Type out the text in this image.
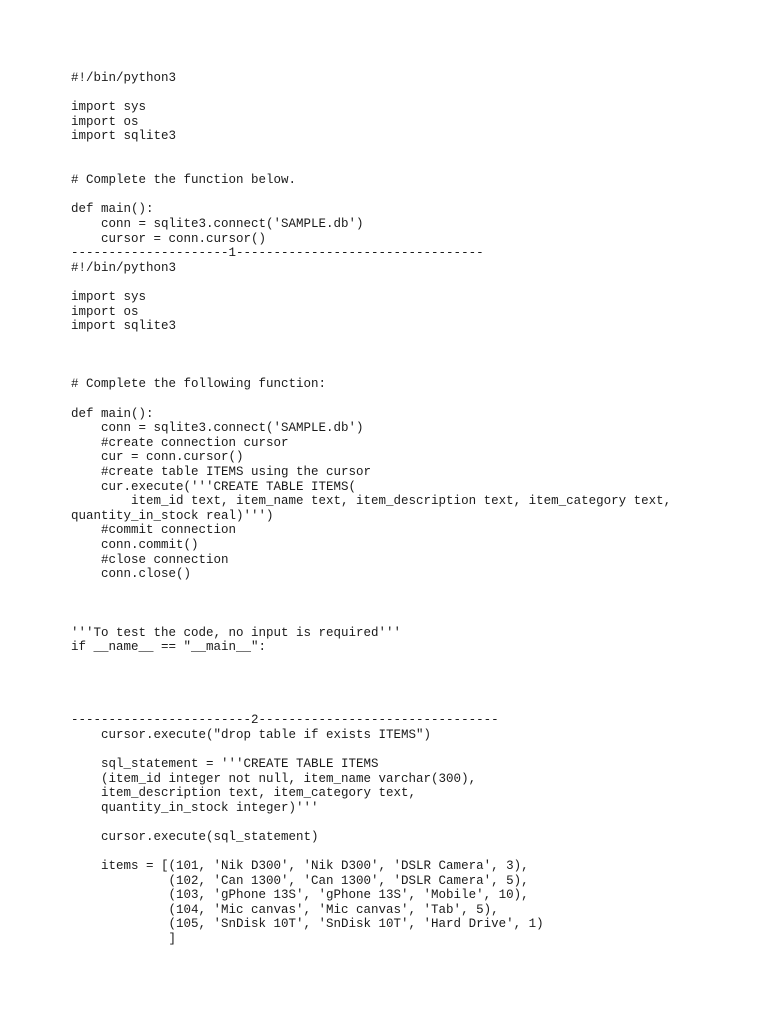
#!/bin/python3
import sys
import os
import sqlite3
# Complete the function below.
def main():
conn = sqlite3.connect('SAMPLE.db')
cursor = conn.cursor()
---------------------1---------------------------------
#!/bin/python3
import sys
import os
import sqlite3
# Complete the following function:
def main():
conn = sqlite3.connect('SAMPLE.db')
#create connection cursor
cur = conn.cursor()
#create table ITEMS using the cursor
cur.execute('''CREATE TABLE ITEMS(
item_id text, item_name text, item_description text, item_category text,
quantity_in_stock real)''')
#commit connection
conn.commit()
#close connection
conn.close()
'''To test the code, no input is required'''
if __name__ == "__main__":
------------------------2--------------------------------
cursor.execute("drop table if exists ITEMS")
sql_statement = '''CREATE TABLE ITEMS
(item_id integer not null, item_name varchar(300),
item_description text, item_category text,
quantity_in_stock integer)'''
cursor.execute(sql_statement)
items = [(101, 'Nik D300', 'Nik D300', 'DSLR Camera', 3),
(102, 'Can 1300', 'Can 1300', 'DSLR Camera', 5),
(103, 'gPhone 13S', 'gPhone 13S', 'Mobile', 10),
(104, 'Mic canvas', 'Mic canvas', 'Tab', 5),
(105, 'SnDisk 10T', 'SnDisk 10T', 'Hard Drive', 1)
]
